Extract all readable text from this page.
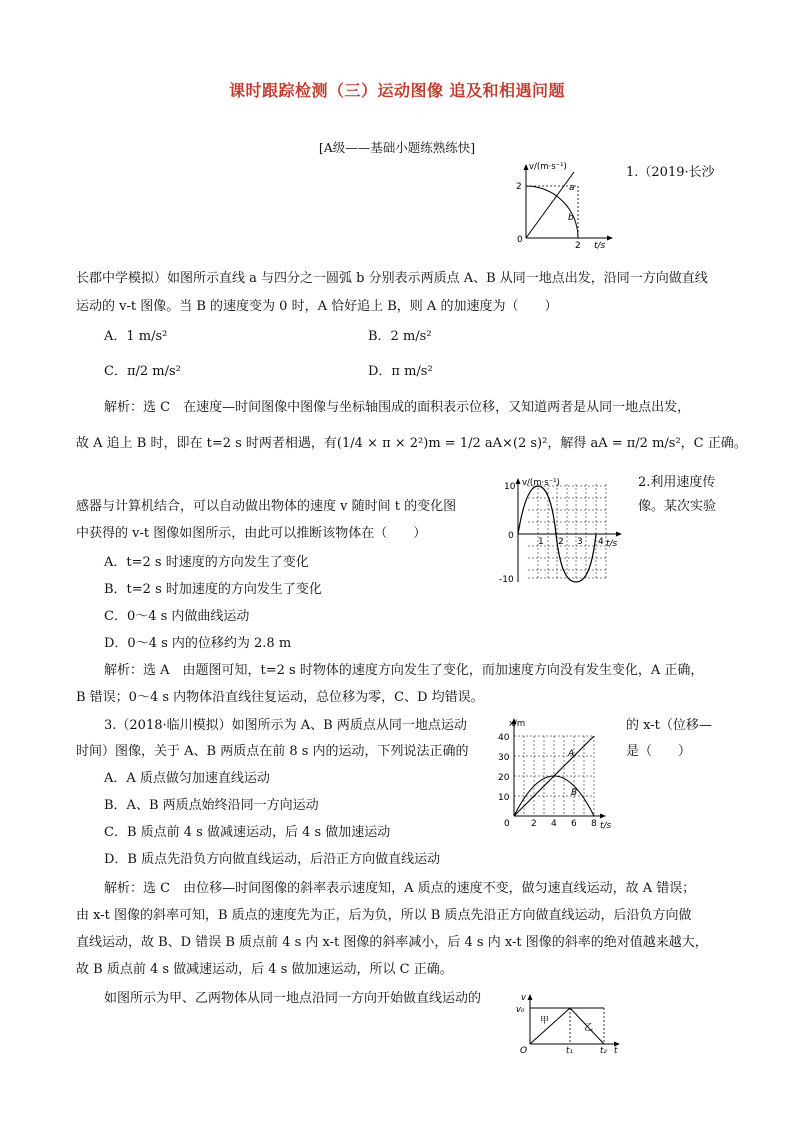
课时跟踪检测（三）运动图像 追及和相遇问题
[A级——基础小题练熟练快]
v/(m·s⁻¹)
2
0
2 t/s
a
b
1.（2019·长沙
长郡中学模拟）如图所示直线 a 与四分之一圆弧 b 分别表示两质点 A、B 从同一地点出发，沿同一方向做直线
运动的 v-t 图像。当 B 的速度变为 0 时，A 恰好追上 B，则 A 的加速度为（　　）
A．1 m/s²	B．2 m/s²
C．π/2 m/s²	D．π m/s²
解析：选 C　在速度—时间图像中图像与坐标轴围成的面积表示位移，又知道两者是从同一地点出发，
故 A 追上 B 时，即在 t=2 s 时两者相遇，有(1/4 × π × 2²)m = 1/2 aA×(2 s)²，解得 aA = π/2 m/s²，C 正确。
v/(m·s⁻¹)
10
0
-10
1 2 3 4 t/s
2.利用速度传
感器与计算机结合，可以自动做出物体的速度 v 随时间 t 的变化图	像。某次实验
中获得的 v-t 图像如图所示，由此可以推断该物体在（　　）
A．t=2 s 时速度的方向发生了变化
B．t=2 s 时加速度的方向发生了变化
C．0～4 s 内做曲线运动
D．0～4 s 内的位移约为 2.8 m
解析：选 A　由题图可知，t=2 s 时物体的速度方向发生了变化，而加速度方向没有发生变化，A 正确，
B 错误；0～4 s 内物体沿直线往复运动，总位移为零，C、D 均错误。
x/m
40
30
20
10
0 2 4 6 8 t/s
A
B
3.（2018·临川模拟）如图所示为 A、B 两质点从同一地点运动	的 x-t（位移—
时间）图像，关于 A、B 两质点在前 8 s 内的运动，下列说法正确的	是（　　）
A．A 质点做匀加速直线运动
B．A、B 两质点始终沿同一方向运动
C．B 质点前 4 s 做减速运动，后 4 s 做加速运动
D．B 质点先沿负方向做直线运动，后沿正方向做直线运动
解析：选 C　由位移—时间图像的斜率表示速度知，A 质点的速度不变，做匀速直线运动，故 A 错误；
由 x-t 图像的斜率可知，B 质点的速度先为正，后为负，所以 B 质点先沿正方向做直线运动，后沿负方向做
直线运动，故 B、D 错误 B 质点前 4 s 内 x-t 图像的斜率减小，后 4 s 内 x-t 图像的斜率的绝对值越来越大，
故 B 质点前 4 s 做减速运动，后 4 s 做加速运动，所以 C 正确。
如图所示为甲、乙两物体从同一地点沿同一方向开始做直线运动的	v
v₀
甲
乙
O	t₁	t₂ t
